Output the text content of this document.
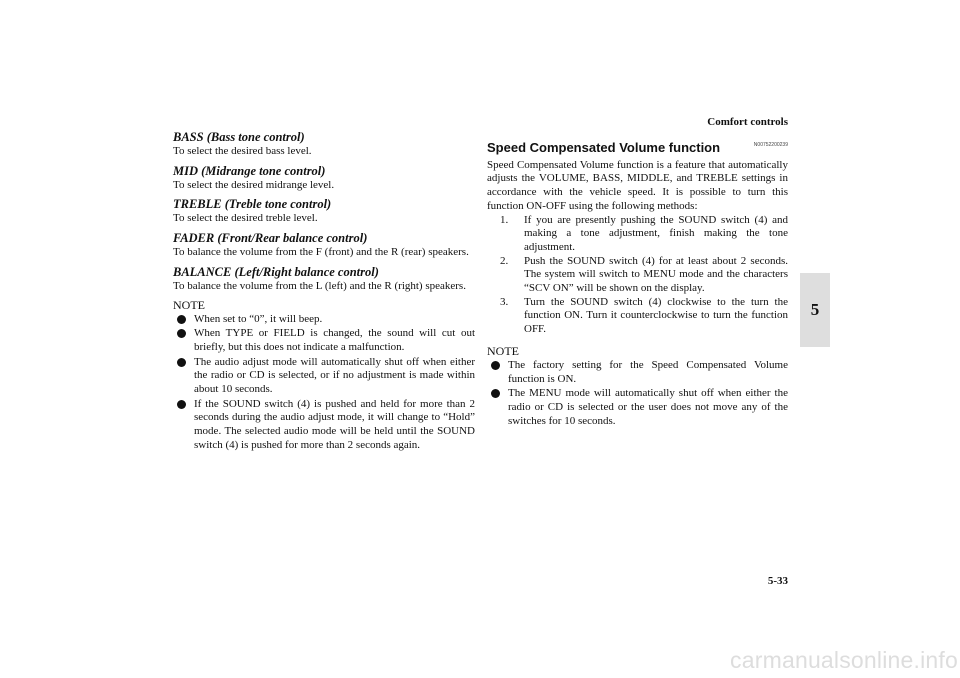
Comfort controls
5
BASS (Bass tone control)

To select the desired bass level.

MID (Midrange tone control)

To select the desired midrange level.

TREBLE (Treble tone control)

To select the desired treble level.

FADER (Front/Rear balance control)

To balance the volume from the F (front) and the R (rear) speakers.

BALANCE (Left/Right balance control)

To balance the volume from the L (left) and the R (right) speakers.

NOTE

When set to “0”, it will beep.
When TYPE or FIELD is changed, the sound will cut out briefly, but this does not indicate a malfunction.
The audio adjust mode will automatically shut off when either the radio or CD is selected, or if no adjustment is made within about 10 seconds.
If the SOUND switch (4) is pushed and held for more than 2 seconds during the audio adjust mode, it will change to “Hold” mode. The selected audio mode will be held until the SOUND switch (4) is pushed for more than 2 seconds again.
Speed Compensated Volume function	N00752200239

Speed Compensated Volume function is a feature that automatically adjusts the VOLUME, BASS, MIDDLE, and TREBLE settings in accordance with the vehicle speed. It is possible to turn this function ON-OFF using the following methods:

1. If you are presently pushing the SOUND switch (4) and making a tone adjustment, finish making the tone adjustment.
2. Push the SOUND switch (4) for at least about 2 seconds. The system will switch to MENU mode and the characters “SCV ON” will be shown on the display.
3. Turn the SOUND switch (4) clockwise to the turn the function ON. Turn it counterclockwise to turn the function OFF.

NOTE

The factory setting for the Speed Compensated Volume function is ON.
The MENU mode will automatically shut off when either the radio or CD is selected or the user does not move any of the switches for 10 seconds.
5-33
carmanualsonline.info
